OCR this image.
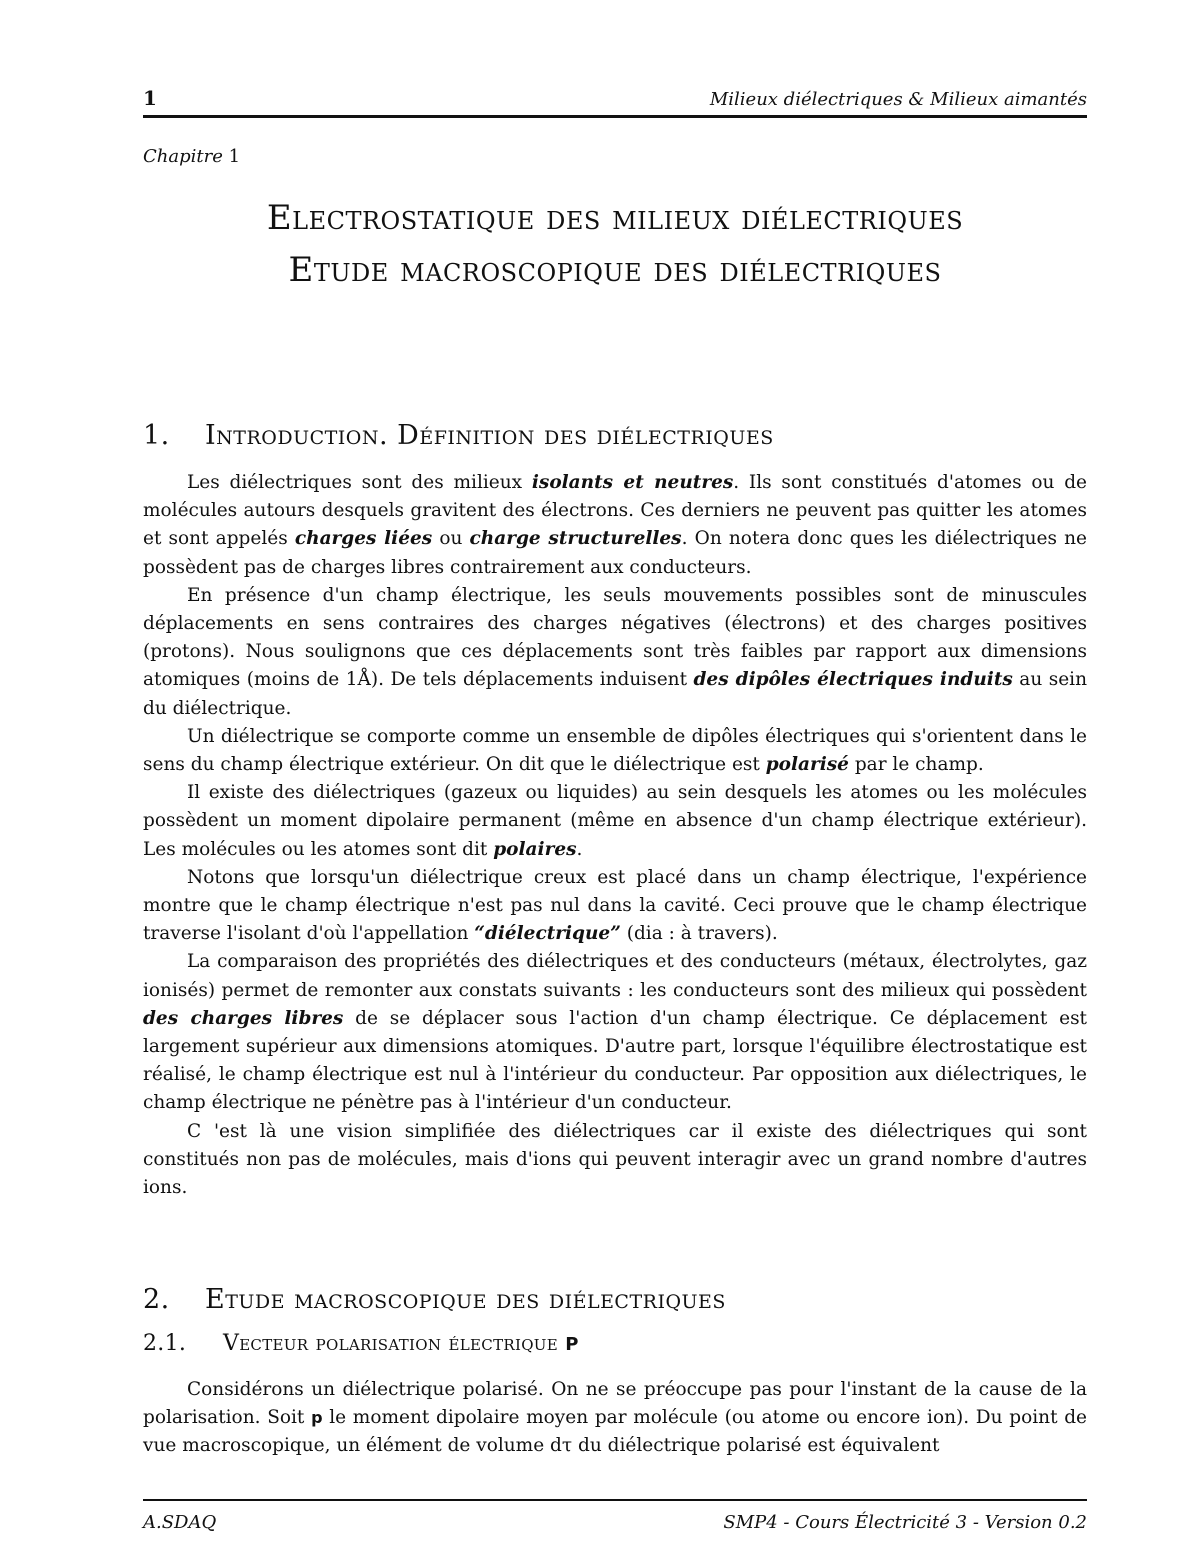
1	Milieux diélectriques & Milieux aimantés
Chapitre 1
Electrostatique des milieux diélectriques
Etude macroscopique des diélectriques
1. Introduction. Définition des diélectriques

Les diélectriques sont des milieux isolants et neutres. Ils sont constitués d'atomes ou de molécules autours desquels gravitent des électrons. Ces derniers ne peuvent pas quitter les atomes et sont appelés charges liées ou charge structurelles. On notera donc ques les diélectriques ne possèdent pas de charges libres contrairement aux conducteurs.

En présence d'un champ électrique, les seuls mouvements possibles sont de minuscules déplacements en sens contraires des charges négatives (électrons) et des charges positives (protons). Nous soulignons que ces déplacements sont très faibles par rapport aux dimensions atomiques (moins de 1Å). De tels déplacements induisent des dipôles électriques induits au sein du diélectrique.

Un diélectrique se comporte comme un ensemble de dipôles électriques qui s'orientent dans le sens du champ électrique extérieur. On dit que le diélectrique est polarisé par le champ.

Il existe des diélectriques (gazeux ou liquides) au sein desquels les atomes ou les molécules possèdent un moment dipolaire permanent (même en absence d'un champ électrique extérieur). Les molécules ou les atomes sont dit polaires.

Notons que lorsqu'un diélectrique creux est placé dans un champ électrique, l'expérience montre que le champ électrique n'est pas nul dans la cavité. Ceci prouve que le champ électrique traverse l'isolant d'où l'appellation “diélectrique” (dia : à travers).

La comparaison des propriétés des diélectriques et des conducteurs (métaux, électrolytes, gaz ionisés) permet de remonter aux constats suivants : les conducteurs sont des milieux qui possèdent des charges libres de se déplacer sous l'action d'un champ électrique. Ce déplacement est largement supérieur aux dimensions atomiques. D'autre part, lorsque l'équilibre électrostatique est réalisé, le champ électrique est nul à l'intérieur du conducteur. Par opposition aux diélectriques, le champ électrique ne pénètre pas à l'intérieur d'un conducteur.

C 'est là une vision simplifiée des diélectriques car il existe des diélectriques qui sont constitués non pas de molécules, mais d'ions qui peuvent interagir avec un grand nombre d'autres ions.

2. Etude macroscopique des diélectriques
2.1. Vecteur polarisation électrique P

Considérons un diélectrique polarisé. On ne se préoccupe pas pour l'instant de la cause de la polarisation. Soit p le moment dipolaire moyen par molécule (ou atome ou encore ion). Du point de vue macroscopique, un élément de volume dτ du diélectrique polarisé est équivalent

A.SDAQ	SMP4 - Cours Électricité 3 - Version 0.2
